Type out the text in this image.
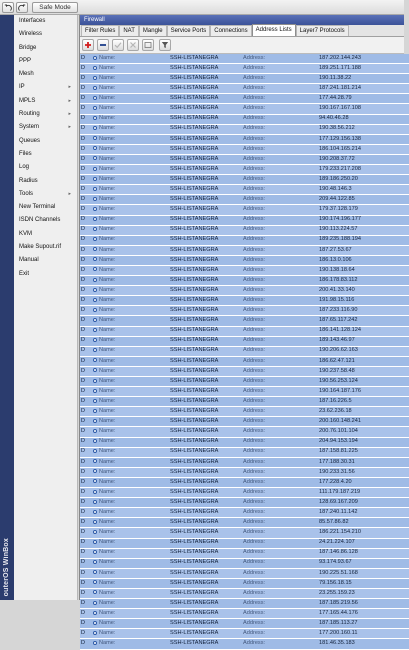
Safe Mode
outerOS WinBox
Interfaces
Wireless
Bridge
PPP
Mesh
IP	▸
MPLS	▸
Routing	▸
System	▸
Queues
Files
Log
Radius
Tools	▸
New Terminal
ISDN Channels
KVM
Make Supout.rif
Manual
Exit
Firewall
Filter Rules	NAT	Mangle	Service Ports	Connections	Address Lists	Layer7 Protocols
D		Name:	SSH-LISTANEGRA	Address:	187.202.144.243	
D		Name:	SSH-LISTANEGRA	Address:	189.251.171.188	
D		Name:	SSH-LISTANEGRA	Address:	190.11.38.22	
D		Name:	SSH-LISTANEGRA	Address:	187.241.181.214	
D		Name:	SSH-LISTANEGRA	Address:	177.44.28.79	
D		Name:	SSH-LISTANEGRA	Address:	190.167.167.108	
D		Name:	SSH-LISTANEGRA	Address:	94.40.46.28	
D		Name:	SSH-LISTANEGRA	Address:	190.38.56.212	
D		Name:	SSH-LISTANEGRA	Address:	177.129.156.138	
D		Name:	SSH-LISTANEGRA	Address:	186.104.165.214	
D		Name:	SSH-LISTANEGRA	Address:	190.208.37.72	
D		Name:	SSH-LISTANEGRA	Address:	179.233.217.208	
D		Name:	SSH-LISTANEGRA	Address:	189.186.250.20	
D		Name:	SSH-LISTANEGRA	Address:	190.48.146.3	
D		Name:	SSH-LISTANEGRA	Address:	209.44.122.85	
D		Name:	SSH-LISTANEGRA	Address:	179.37.128.179	
D		Name:	SSH-LISTANEGRA	Address:	190.174.196.177	
D		Name:	SSH-LISTANEGRA	Address:	190.113.224.57	
D		Name:	SSH-LISTANEGRA	Address:	189.235.188.194	
D		Name:	SSH-LISTANEGRA	Address:	187.27.53.67	
D		Name:	SSH-LISTANEGRA	Address:	186.13.0.106	
D		Name:	SSH-LISTANEGRA	Address:	190.138.18.64	
D		Name:	SSH-LISTANEGRA	Address:	186.178.83.112	
D		Name:	SSH-LISTANEGRA	Address:	200.41.33.140	
D		Name:	SSH-LISTANEGRA	Address:	191.98.15.116	
D		Name:	SSH-LISTANEGRA	Address:	187.233.116.90	
D		Name:	SSH-LISTANEGRA	Address:	187.65.117.242	
D		Name:	SSH-LISTANEGRA	Address:	186.141.128.124	
D		Name:	SSH-LISTANEGRA	Address:	189.143.46.97	
D		Name:	SSH-LISTANEGRA	Address:	190.206.62.163	
D		Name:	SSH-LISTANEGRA	Address:	186.62.47.121	
D		Name:	SSH-LISTANEGRA	Address:	190.237.58.48	
D		Name:	SSH-LISTANEGRA	Address:	190.56.253.124	
D		Name:	SSH-LISTANEGRA	Address:	190.164.187.176	
D		Name:	SSH-LISTANEGRA	Address:	187.16.226.5	
D		Name:	SSH-LISTANEGRA	Address:	23.62.236.18	
D		Name:	SSH-LISTANEGRA	Address:	200.160.148.241	
D		Name:	SSH-LISTANEGRA	Address:	200.76.101.104	
D		Name:	SSH-LISTANEGRA	Address:	204.94.153.194	
D		Name:	SSH-LISTANEGRA	Address:	187.158.81.225	
D		Name:	SSH-LISTANEGRA	Address:	177.188.30.31	
D		Name:	SSH-LISTANEGRA	Address:	190.233.31.56	
D		Name:	SSH-LISTANEGRA	Address:	177.228.4.20	
D		Name:	SSH-LISTANEGRA	Address:	111.179.187.219	
D		Name:	SSH-LISTANEGRA	Address:	128.69.167.209	
D		Name:	SSH-LISTANEGRA	Address:	187.240.11.142	
D		Name:	SSH-LISTANEGRA	Address:	85.57.86.82	
D		Name:	SSH-LISTANEGRA	Address:	186.221.154.210	
D		Name:	SSH-LISTANEGRA	Address:	24.21.224.107	
D		Name:	SSH-LISTANEGRA	Address:	187.146.86.128	
D		Name:	SSH-LISTANEGRA	Address:	93.174.93.67	
D		Name:	SSH-LISTANEGRA	Address:	190.225.51.168	
D		Name:	SSH-LISTANEGRA	Address:	79.156.18.15	
D		Name:	SSH-LISTANEGRA	Address:	23.255.159.23	
D		Name:	SSH-LISTANEGRA	Address:	187.185.219.56	
D		Name:	SSH-LISTANEGRA	Address:	177.165.44.176	
D		Name:	SSH-LISTANEGRA	Address:	187.185.113.27	
D		Name:	SSH-LISTANEGRA	Address:	177.200.160.11	
D		Name:	SSH-LISTANEGRA	Address:	181.46.35.183	
